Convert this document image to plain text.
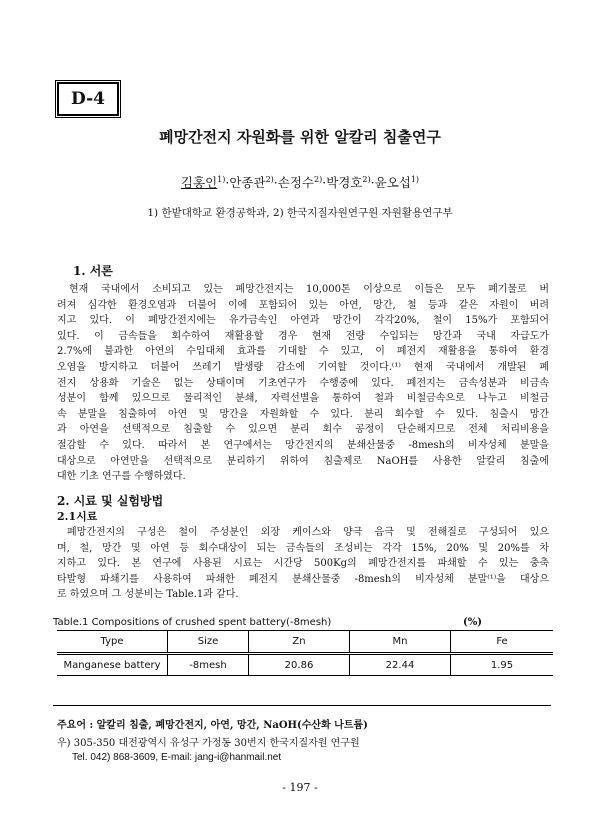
D-4
폐망간전지 자원화를 위한 알칼리 침출연구
김홍인$^{1)}$·안종관$^{2)}$·손정수$^{2)}$·박경호$^{2)}$·윤오섭$^{1)}$
1) 한밭대학교 환경공학과, 2) 한국지질자원연구원 자원활용연구부
1. 서론
현재 국내에서 소비되고 있는 폐망간전지는 10,000톤 이상으로 이들은 모두 폐기물로 버
려져 심각한 환경오염과 더불어 이에 포함되어 있는 아연, 망간, 철 등과 같은 자원이 버려
지고 있다. 이 폐망간전지에는 유가금속인 아연과 망간이 각각20%, 철이 15%가 포함되어
있다. 이 금속들을 회수하여 재활용할 경우 현재 전량 수입되는 망간과 국내 자급도가
2.7%에 불과한 아연의 수입대체 효과를 기대할 수 있고, 이 폐전지 재활용을 통하여 환경
오염을 방지하고 더불어 쓰레기 발생량 감소에 기여할 것이다.⁽¹⁾ 현재 국내에서 개발된 폐
전지 상용화 기술은 없는 상태이며 기초연구가 수행중에 있다. 폐전지는 금속성분과 비금속
성분이 함께 있으므로 물리적인 분쇄, 자력선별을 통하여 철과 비철금속으로 나누고 비철금
속 분말을 침출하여 아연 및 망간을 자원화할 수 있다. 분리 회수할 수 있다. 침출시 망간
과 아연을 선택적으로 침출할 수 있으면 분리 회수 공정이 단순해지므로 전체 처리비용을
절감할 수 있다. 따라서 본 연구에서는 망간전지의 분쇄산물중 -8mesh의 비자성체 분말을
대상으로 아연만을 선택적으로 분리하기 위하여 침출제로 NaOH를 사용한 알칼리 침출에
대한 기초 연구를 수행하였다.
2. 시료 및 실험방법
2.1시료
폐망간전지의 구성은 철이 주성분인 외장 케이스와 양극 음극 및 전해질로 구성되어 있으
며, 철, 망간 및 아연 등 회수대상이 되는 금속들의 조성비는 각각 15%, 20% 및 20%를 차
지하고 있다. 본 연구에 사용된 시료는 시간당 500Kg의 폐망간전지를 파쇄할 수 있는 충축
타발형 파쇄기를 사용하여 파쇄한 폐전지 분쇄산물중 -8mesh의 비자성체 분말⁽¹⁾을 대상으
로 하였으며 그 성분비는 Table.1과 같다.
Table.1 Compositions of crushed spent battery(-8mesh)	(%)
Type	Size	Zn	Mn	Fe
Manganese battery	-8mesh	20.86	22.44	1.95
주요어 : 알칼리 침출, 폐망간전지, 아연, 망간, NaOH(수산화 나트륨)
우) 305-350 대전광역시 유성구 가정동 30번지 한국지질자원 연구원
Tel. 042) 868-3609, E-mail: jang-i@hanmail.net
- 197 -
